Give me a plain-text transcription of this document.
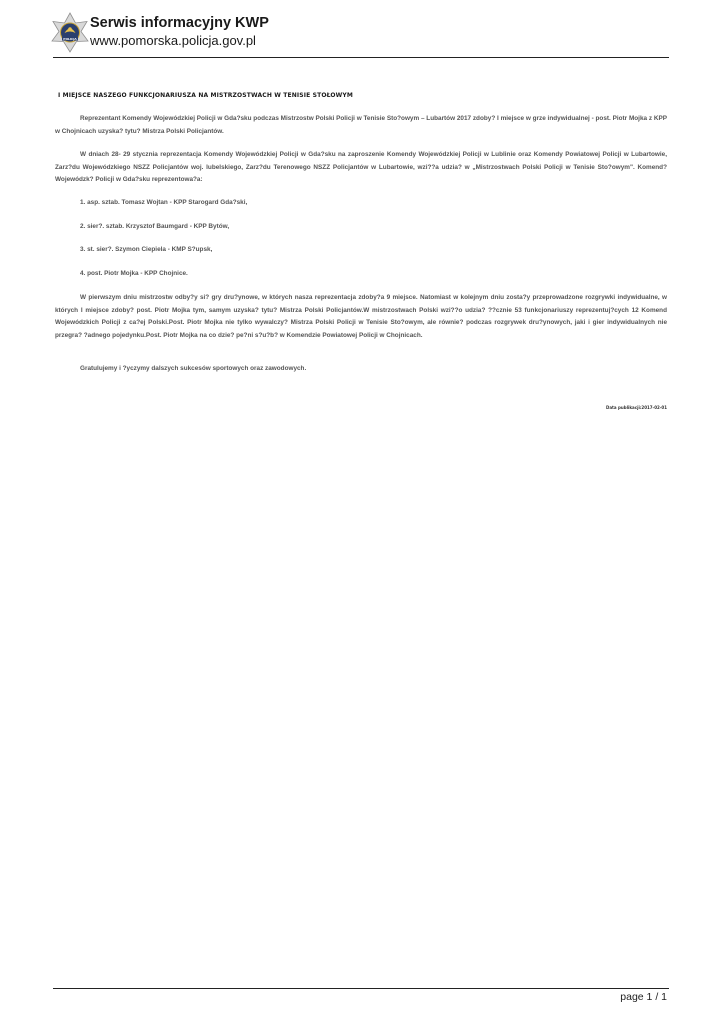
POLICJA
Serwis informacyjny KWP
www.pomorska.policja.gov.pl
I MIEJSCE NASZEGO FUNKCJONARIUSZA NA MISTRZOSTWACH W TENISIE STOŁOWYM

Reprezentant Komendy Wojewódzkiej Policji w Gda?sku podczas Mistrzostw Polski Policji w Tenisie Sto?owym – Lubartów 2017 zdoby? I miejsce w grze indywidualnej - post. Piotr Mojka z KPP w Chojnicach uzyska? tytu? Mistrza Polski Policjantów.

W dniach 28- 29 stycznia reprezentacja Komendy Wojewódzkiej Policji w Gda?sku na zaproszenie Komendy Wojewódzkiej Policji w Lublinie oraz Komendy Powiatowej Policji w Lubartowie, Zarz?du Wojewódzkiego NSZZ Policjantów woj. lubelskiego, Zarz?du Terenowego NSZZ Policjantów w Lubartowie, wzi??a udzia? w „Mistrzostwach Polski Policji w Tenisie Sto?owym". Komend? Wojewódzk? Policji w Gda?sku reprezentowa?a:

1. asp. sztab. Tomasz Wojtan - KPP Starogard Gda?ski,
2. sier?. sztab. Krzysztof Baumgard - KPP Bytów,
3. st. sier?. Szymon Ciepiela - KMP S?upsk,
4. post. Piotr Mojka - KPP Chojnice.

W pierwszym dniu mistrzostw odby?y si? gry dru?ynowe, w których nasza reprezentacja zdoby?a 9 miejsce. Natomiast w kolejnym dniu zosta?y przeprowadzone rozgrywki indywidualne, w których I miejsce zdoby? post. Piotr Mojka tym, samym uzyska? tytu? Mistrza Polski Policjantów.W mistrzostwach Polski wzi??o udzia? ??cznie 53 funkcjonariuszy reprezentuj?cych 12 Komend Wojewódzkich Policji z ca?ej Polski.Post. Piotr Mojka nie tylko wywalczy? Mistrza Polski Policji w Tenisie Sto?owym, ale równie? podczas rozgrywek dru?ynowych, jaki i gier indywidualnych nie przegra? ?adnego pojedynku.Post. Piotr Mojka na co dzie? pe?ni s?u?b? w Komendzie Powiatowej Policji w Chojnicach.

Gratulujemy i ?yczymy dalszych sukcesów sportowych oraz zawodowych.

Data publikacji:2017-02-01
page 1 / 1
